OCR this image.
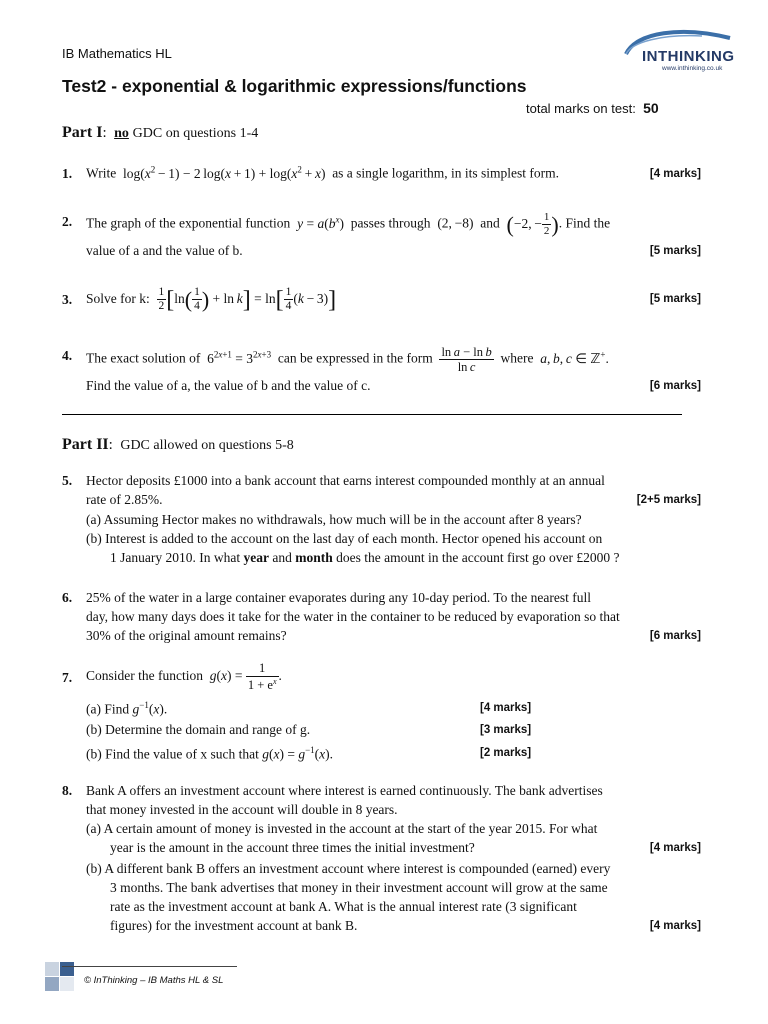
IB Mathematics HL	INTHINKING
www.inthinking.co.uk
Test2 - exponential & logarithmic expressions/functions
total marks on test: 50
Part I:  no GDC on questions 1-4
1. Write $\log(x^2 - 1) - 2$ $\log(x + 1) + \log(x^2 + x)$ as a single logarithm, in its simplest form.	[4 marks]
2. The graph of the exponential function $y = a(b^x)$ passes through (2, −8) and (−2, − $\frac{1}{2}$ ). Find the
value of a and the value of b.	[5 marks]
3. Solve for k: $\frac{1}{2} [\ln( \frac{1}{4}$ ) + $\ln k] = \ln[ \frac{1}{4} (k - 3)]$	[5 marks]
4. The exact solution of $6^{2x+1} = 3^{2x+3}$ can be expressed in the form $\frac{\text{ln a − ln b}}{\text{ln c}}$ where a, b, c ∈ ℤ+.
Find the value of a, the value of b and the value of c.	[6 marks]
Part II:  GDC allowed on questions 5-8
5. Hector deposits £1000 into a bank account that earns interest compounded monthly at an annual
rate of 2.85%.	[2+5 marks]
(a) Assuming Hector makes no withdrawals, how much will be in the account after 8 years?
(b) Interest is added to the account on the last day of each month. Hector opened his account on
1 January 2010. In what year and month does the amount in the account first go over £2000 ?
6. 25% of the water in a large container evaporates during any 10-day period. To the nearest full
day, how many days does it take for the water in the container to be reduced by evaporation so that
30% of the original amount remains?	[6 marks]
7. Consider the function $g(x) = \frac{1}{1 + e^x}$ .
(a) Find $g^{-1}(x)$.	[4 marks]
(b) Determine the domain and range of g.	[3 marks]
(b) Find the value of x such that $g(x) = g^{-1}(x)$.	[2 marks]
8. Bank A offers an investment account where interest is earned continuously. The bank advertises
that money invested in the account will double in 8 years.
(a) A certain amount of money is invested in the account at the start of the year 2015. For what
year is the amount in the account three times the initial investment?	[4 marks]
(b) A different bank B offers an investment account where interest is compounded (earned) every
3 months. The bank advertises that money in their investment account will grow at the same
rate as the investment account at bank A. What is the annual interest rate (3 significant
figures) for the investment account at bank B.	[4 marks]
© InThinking – IB Maths HL & SL
